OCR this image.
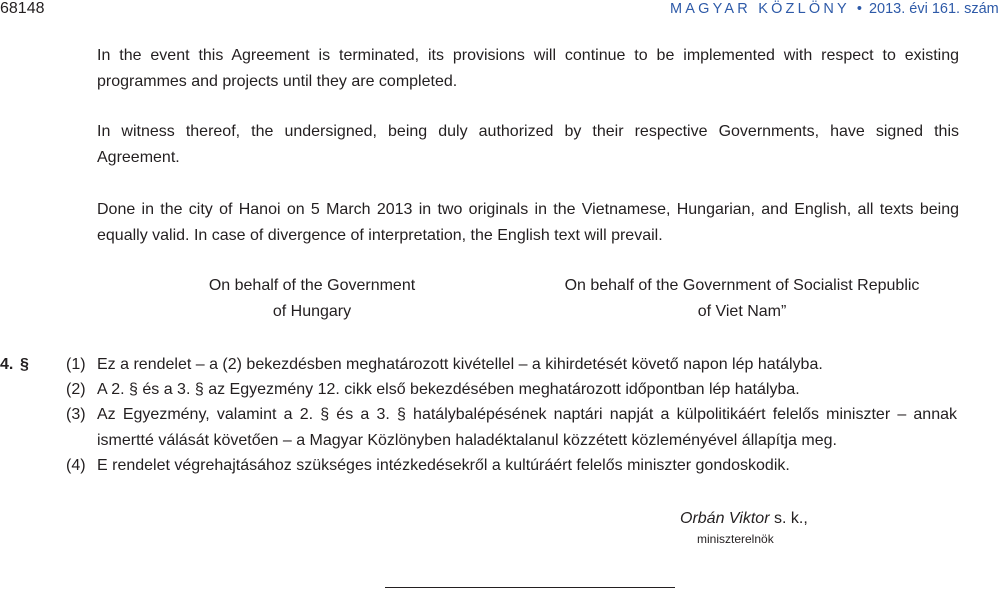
68148	MAGYAR KÖZLÖNY • 2013. évi 161. szám
In the event this Agreement is terminated, its provisions will continue to be implemented with respect to existing
programmes and projects until they are completed.
In witness thereof, the undersigned, being duly authorized by their respective Governments, have signed this
Agreement.
Done in the city of Hanoi on 5 March 2013 in two originals in the Vietnamese, Hungarian, and English, all texts being
equally valid. In case of divergence of interpretation, the English text will prevail.
On behalf of the Government
of Hungary
On behalf of the Government of Socialist Republic
of Viet Nam”
4. § (1) Ez a rendelet – a (2) bekezdésben meghatározott kivétellel – a kihirdetését követő napon lép hatályba.
(2) A 2. § és a 3. § az Egyezmény 12. cikk első bekezdésében meghatározott időpontban lép hatályba.
(3) Az Egyezmény, valamint a 2. § és a 3. § hatálybalépésének naptári napját a külpolitikáért felelős miniszter – annak
ismertté válását követően – a Magyar Közlönyben haladéktalanul közzétett közleményével állapítja meg.
(4) E rendelet végrehajtásához szükséges intézkedésekről a kultúráért felelős miniszter gondoskodik.
Orbán Viktor s. k.,
miniszterelnök
